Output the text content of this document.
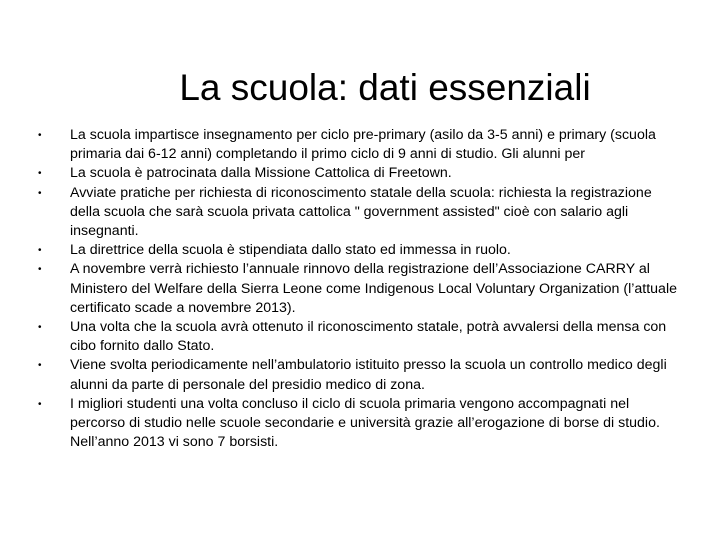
La scuola: dati essenziali
• La scuola impartisce insegnamento per ciclo pre-primary (asilo da 3-5 anni) e primary (scuola primaria dai 6-12 anni) completando il primo ciclo di 9 anni di studio. Gli alunni per
• La scuola è patrocinata dalla Missione Cattolica di Freetown.
• Avviate pratiche per richiesta di riconoscimento statale della scuola: richiesta la registrazione della scuola che sarà scuola privata cattolica " government assisted" cioè con salario agli insegnanti.
• La direttrice della scuola è stipendiata dallo stato ed immessa in ruolo.
• A novembre verrà richiesto l’annuale rinnovo della registrazione dell’Associazione CARRY al Ministero del Welfare della Sierra Leone come Indigenous Local Voluntary Organization (l’attuale certificato scade a novembre 2013).
• Una volta che la scuola avrà ottenuto il riconoscimento statale, potrà avvalersi della mensa con cibo fornito dallo Stato.
• Viene svolta periodicamente nell’ambulatorio istituito presso la scuola un controllo medico degli alunni da parte di personale del presidio medico di zona.
• I migliori studenti una volta concluso il ciclo di scuola primaria vengono accompagnati nel percorso di studio nelle scuole secondarie e università grazie all’erogazione di borse di studio. Nell’anno 2013 vi sono 7 borsisti.
